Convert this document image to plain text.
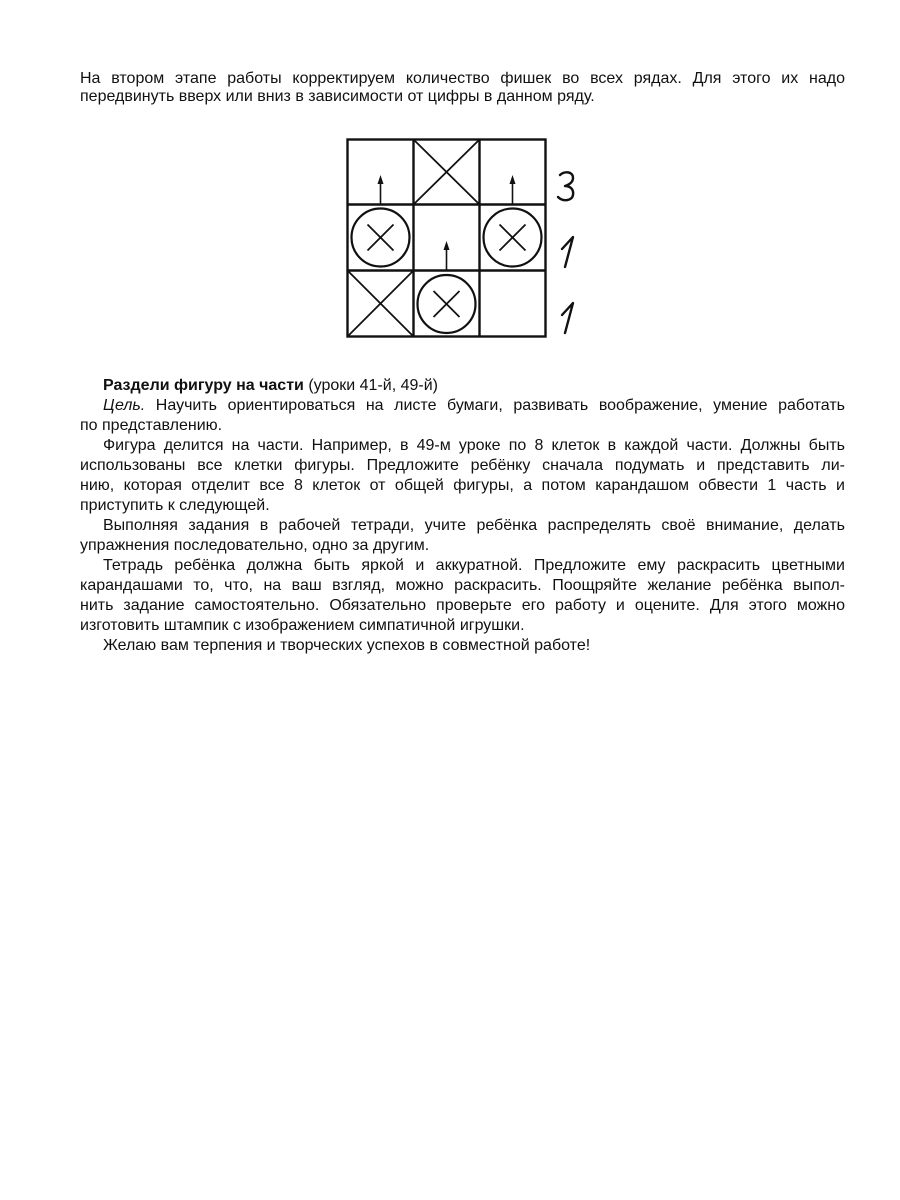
На втором этапе работы корректируем количество фишек во всех рядах. Для этого их надо
передвинуть вверх или вниз в зависимости от цифры в данном ряду.

Раздели фигуру на части (уроки 41-й, 49-й)

Цель. Научить ориентироваться на листе бумаги, развивать воображение, умение работать
по представлению.
Фигура делится на части. Например, в 49-м уроке по 8 клеток в каждой части. Должны быть
использованы все клетки фигуры. Предложите ребёнку сначала подумать и представить ли-
нию, которая отделит все 8 клеток от общей фигуры, а потом карандашом обвести 1 часть и
приступить к следующей.
Выполняя задания в рабочей тетради, учите ребёнка распределять своё внимание, делать
упражнения последовательно, одно за другим.
Тетрадь ребёнка должна быть яркой и аккуратной. Предложите ему раскрасить цветными
карандашами то, что, на ваш взгляд, можно раскрасить. Поощряйте желание ребёнка выпол-
нить задание самостоятельно. Обязательно проверьте его работу и оцените. Для этого можно
изготовить штампик с изображением симпатичной игрушки.
Желаю вам терпения и творческих успехов в совместной работе!
